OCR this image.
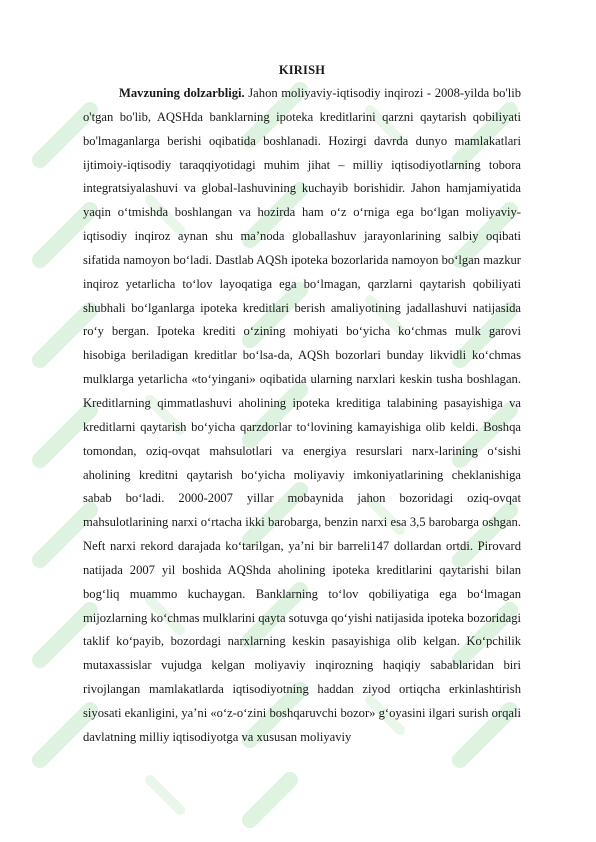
KIRISH

Mavzuning dolzarbligi. Jahon moliyaviy-iqtisodiy inqirozi - 2008-yilda bo'lib o'tgan bo'lib, AQSHda banklarning ipoteka kreditlarini qarzni qaytarish qobiliyati bo'lmaganlarga berishi oqibatida boshlanadi. Hozirgi davrda dunyo mamlakatlari ijtimoiy-iqtisodiy taraqqiyotidagi muhim jihat – milliy iqtisodiyotlarning tobora integratsiyalashuvi va global-lashuvining kuchayib borishidir. Jahon hamjamiyatida yaqin o‘tmishda boshlangan va hozirda ham o‘z o‘rniga ega bo‘lgan moliyaviy-iqtisodiy inqiroz aynan shu ma’noda globallashuv jarayonlarining salbiy oqibati sifatida namoyon bo‘ladi. Dastlab AQSh ipoteka bozorlarida namoyon bo‘lgan mazkur inqiroz yetarlicha to‘lov layoqatiga ega bo‘lmagan, qarzlarni qaytarish qobiliyati shubhali bo‘lganlarga ipoteka kreditlari berish amaliyotining jadallashuvi natijasida ro‘y bergan. Ipoteka krediti o‘zining mohiyati bo‘yicha ko‘chmas mulk garovi hisobiga beriladigan kreditlar bo‘lsa-da, AQSh bozorlari bunday likvidli ko‘chmas mulklarga yetarlicha «to‘yingani» oqibatida ularning narxlari keskin tusha boshlagan. Kreditlarning qimmatlashuvi aholining ipoteka kreditiga talabining pasayishiga va kreditlarni qaytarish bo‘yicha qarzdorlar to‘lovining kamayishiga olib keldi. Boshqa tomondan, oziq-ovqat mahsulotlari va energiya resurslari narx-larining o‘sishi aholining kreditni qaytarish bo‘yicha moliyaviy imkoniyatlarining cheklanishiga sabab bo‘ladi. 2000-2007 yillar mobaynida jahon bozoridagi oziq-ovqat mahsulotlarining narxi o‘rtacha ikki barobarga, benzin narxi esa 3,5 barobarga oshgan. Neft narxi rekord darajada ko‘tarilgan, ya’ni bir barreli147 dollardan ortdi. Pirovard natijada 2007 yil boshida AQShda aholining ipoteka kreditlarini qaytarishi bilan bog‘liq muammo kuchaygan. Banklarning to‘lov qobiliyatiga ega bo‘lmagan mijozlarning ko‘chmas mulklarini qayta sotuvga qo‘yishi natijasida ipoteka bozoridagi taklif ko‘payib, bozordagi narxlarning keskin pasayishiga olib kelgan. Ko‘pchilik mutaxassislar vujudga kelgan moliyaviy inqirozning haqiqiy sabablaridan biri rivojlangan mamlakatlarda iqtisodiyotning haddan ziyod ortiqcha erkinlashtirish siyosati ekanligini, ya’ni «o‘z-o‘zini boshqaruvchi bozor» g‘oyasini ilgari surish orqali davlatning milliy iqtisodiyotga va xususan moliyaviy
